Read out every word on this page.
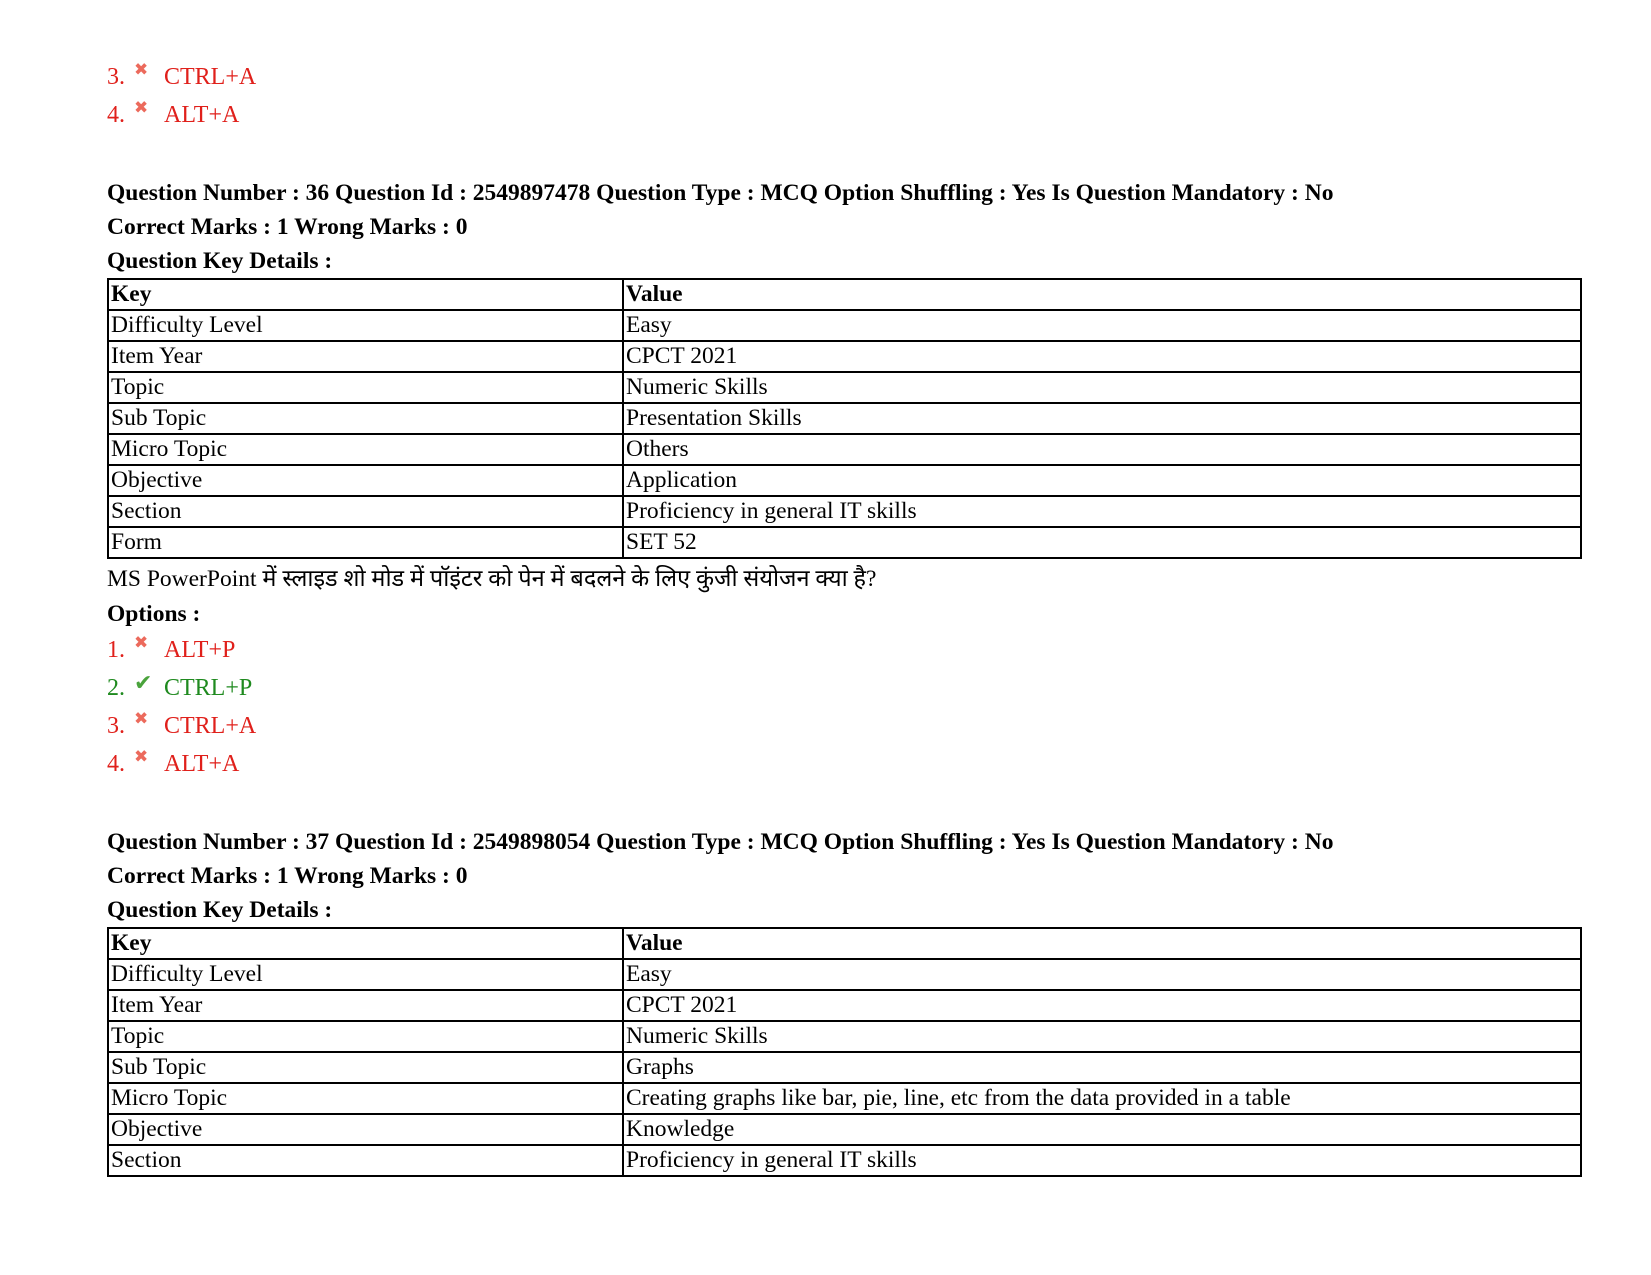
3. ✖ CTRL+A
4. ✖ ALT+A
Question Number : 36 Question Id : 2549897478 Question Type : MCQ Option Shuffling : Yes Is Question Mandatory : No
Correct Marks : 1 Wrong Marks : 0
Question Key Details :
Key	Value
Difficulty Level	Easy
Item Year	CPCT 2021
Topic	Numeric Skills
Sub Topic	Presentation Skills
Micro Topic	Others
Objective	Application
Section	Proficiency in general IT skills
Form	SET 52
MS PowerPoint में स्लाइड शो मोड में पॉइंटर को पेन में बदलने के लिए कुंजी संयोजन क्या है?
Options :
1. ✖ ALT+P
2. ✔ CTRL+P
3. ✖ CTRL+A
4. ✖ ALT+A
Question Number : 37 Question Id : 2549898054 Question Type : MCQ Option Shuffling : Yes Is Question Mandatory : No
Correct Marks : 1 Wrong Marks : 0
Question Key Details :
Key	Value
Difficulty Level	Easy
Item Year	CPCT 2021
Topic	Numeric Skills
Sub Topic	Graphs
Micro Topic	Creating graphs like bar, pie, line, etc from the data provided in a table
Objective	Knowledge
Section	Proficiency in general IT skills
